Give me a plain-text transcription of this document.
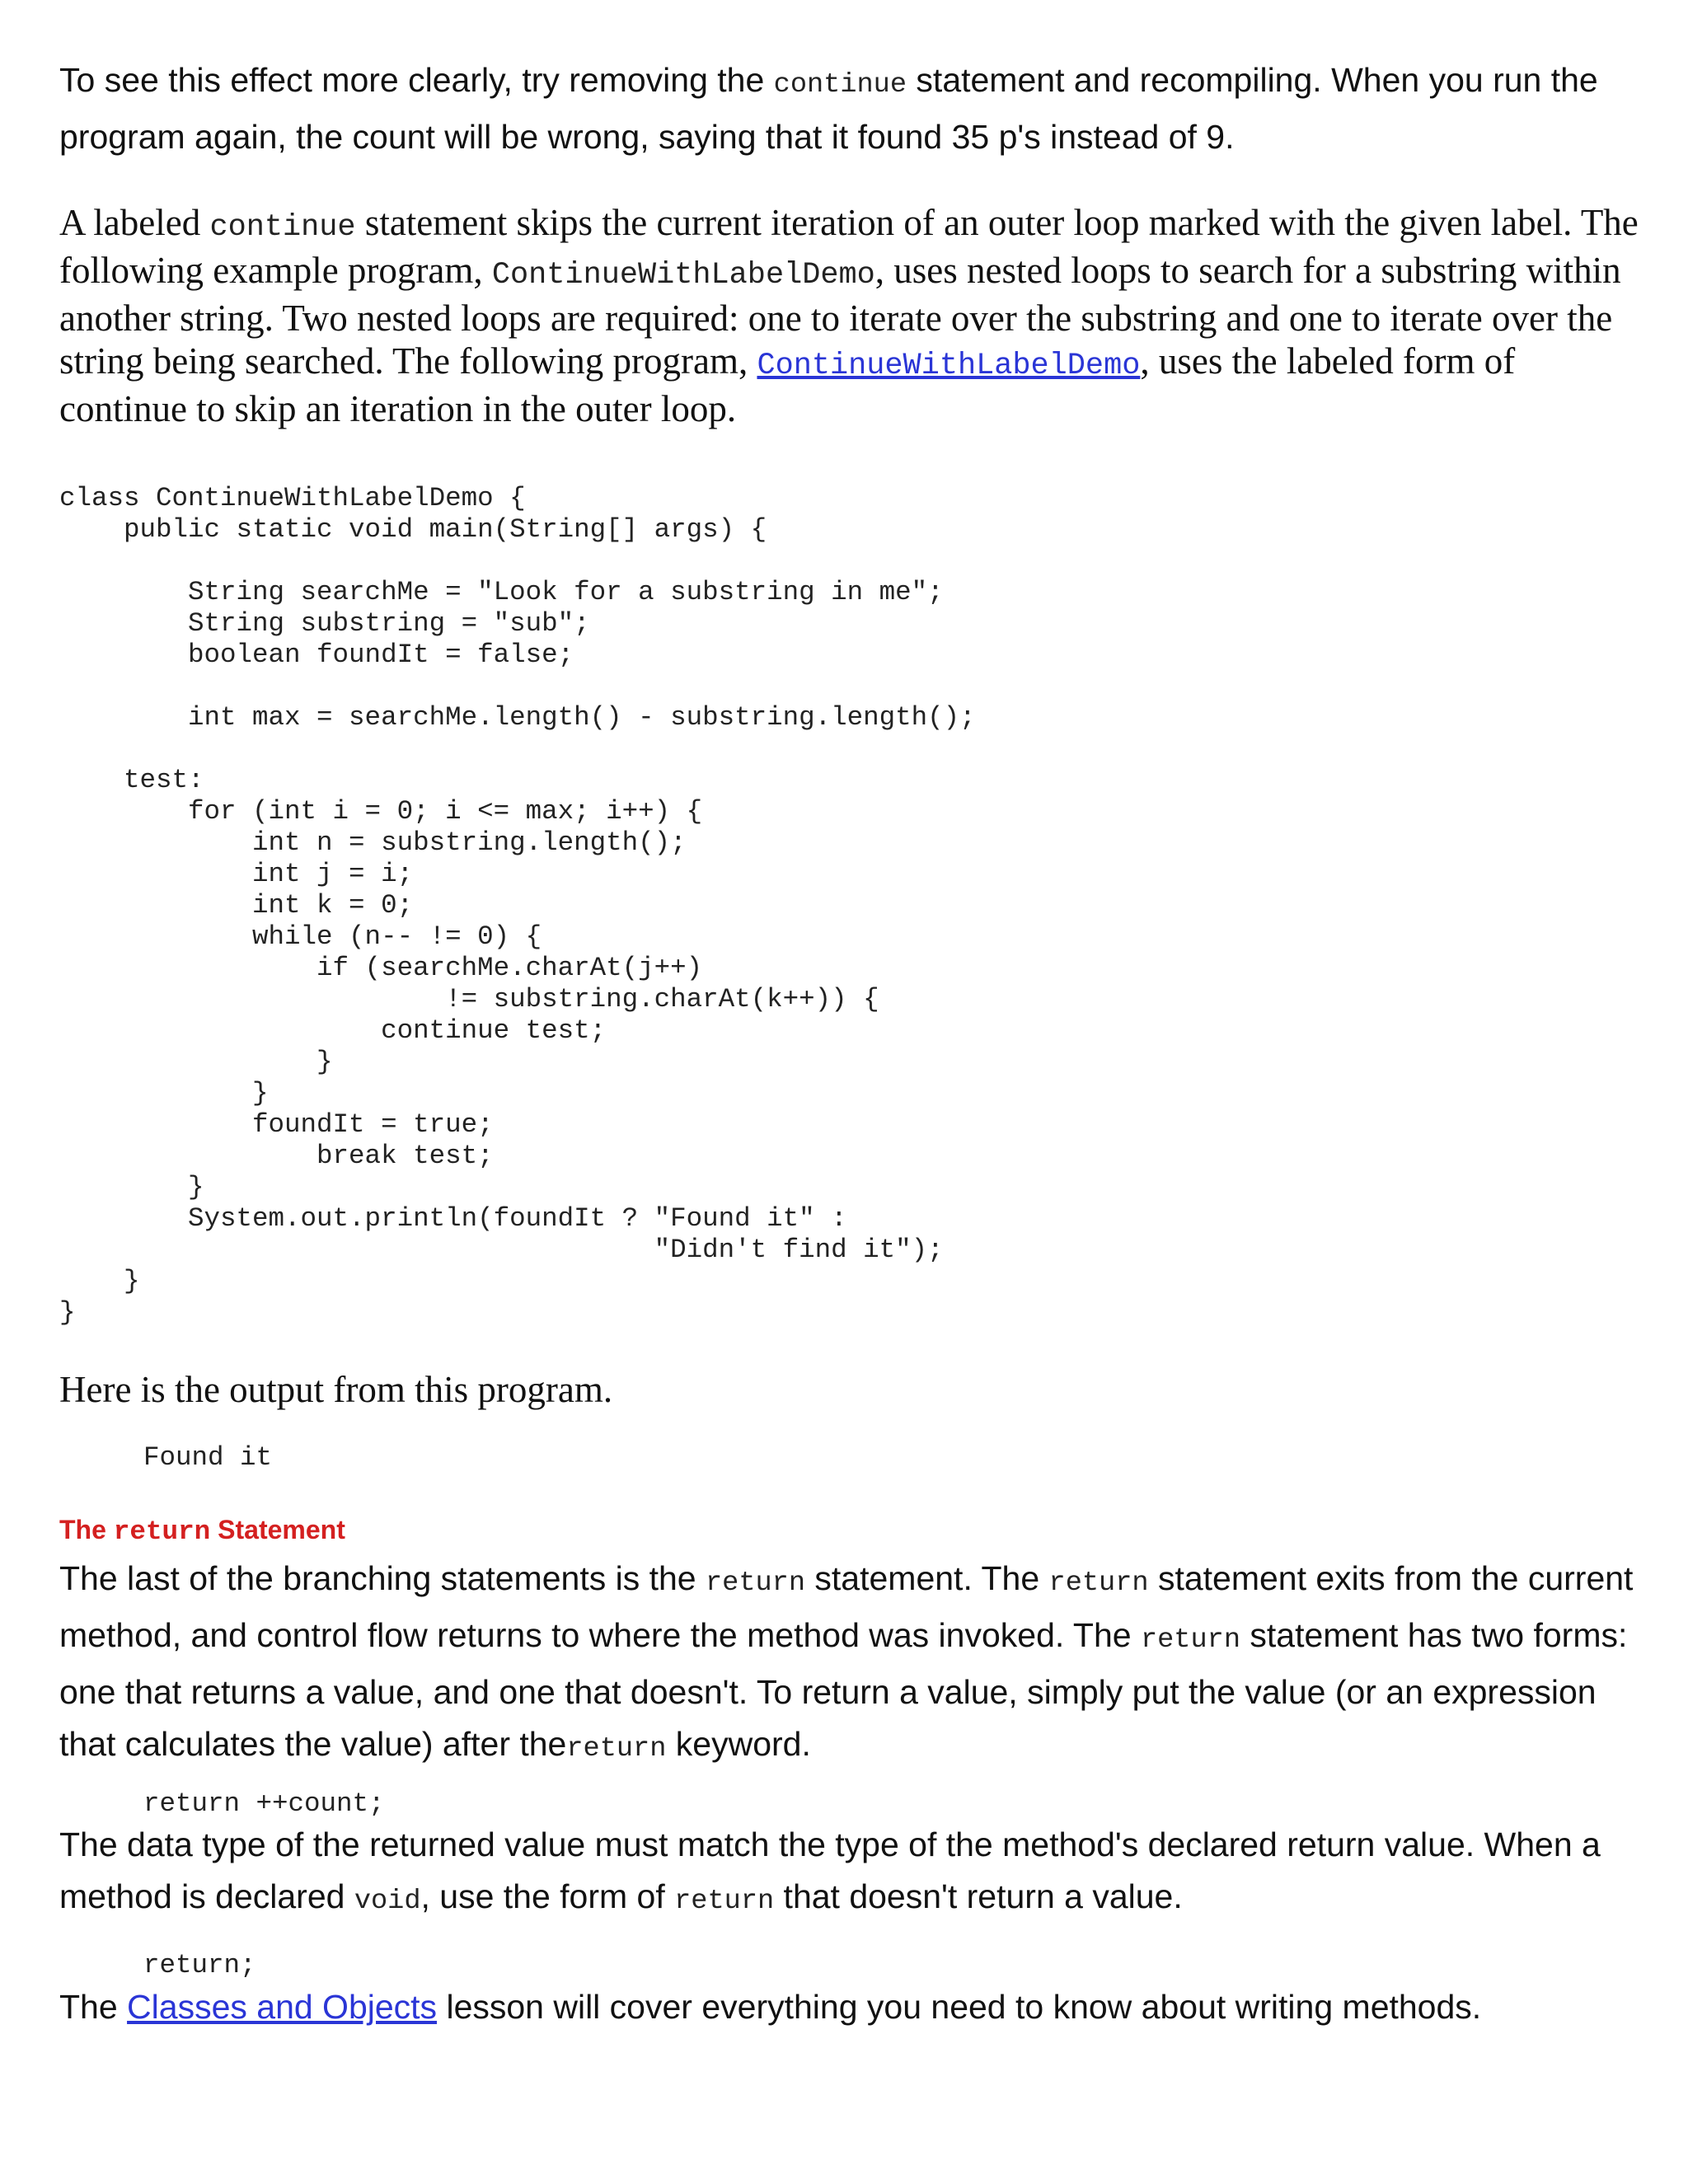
To see this effect more clearly, try removing the continue statement and recompiling. When you run the program again, the count will be wrong, saying that it found 35 p's instead of 9.

A labeled continue statement skips the current iteration of an outer loop marked with the given label. The following example program, ContinueWithLabelDemo, uses nested loops to search for a substring within another string. Two nested loops are required: one to iterate over the substring and one to iterate over the string being searched. The following program, ContinueWithLabelDemo, uses the labeled form of continue to skip an iteration in the outer loop.

class ContinueWithLabelDemo {
public static void main(String[] args) {

String searchMe = "Look for a substring in me";
String substring = "sub";
boolean foundIt = false;

int max = searchMe.length() - substring.length();

test:
for (int i = 0; i <= max; i++) {
int n = substring.length();
int j = i;
int k = 0;
while (n-- != 0) {
if (searchMe.charAt(j++)
!= substring.charAt(k++)) {
continue test;
}
}
foundIt = true;
break test;
}
System.out.println(foundIt ? "Found it" :
"Didn't find it");
}
}

Here is the output from this program.

Found it
The return Statement

The last of the branching statements is the return statement. The return statement exits from the current method, and control flow returns to where the method was invoked. The return statement has two forms: one that returns a value, and one that doesn't. To return a value, simply put the value (or an expression that calculates the value) after thereturn keyword.

return ++count;

The data type of the returned value must match the type of the method's declared return value. When a method is declared void, use the form of return that doesn't return a value.

return;

The Classes and Objects lesson will cover everything you need to know about writing methods.
